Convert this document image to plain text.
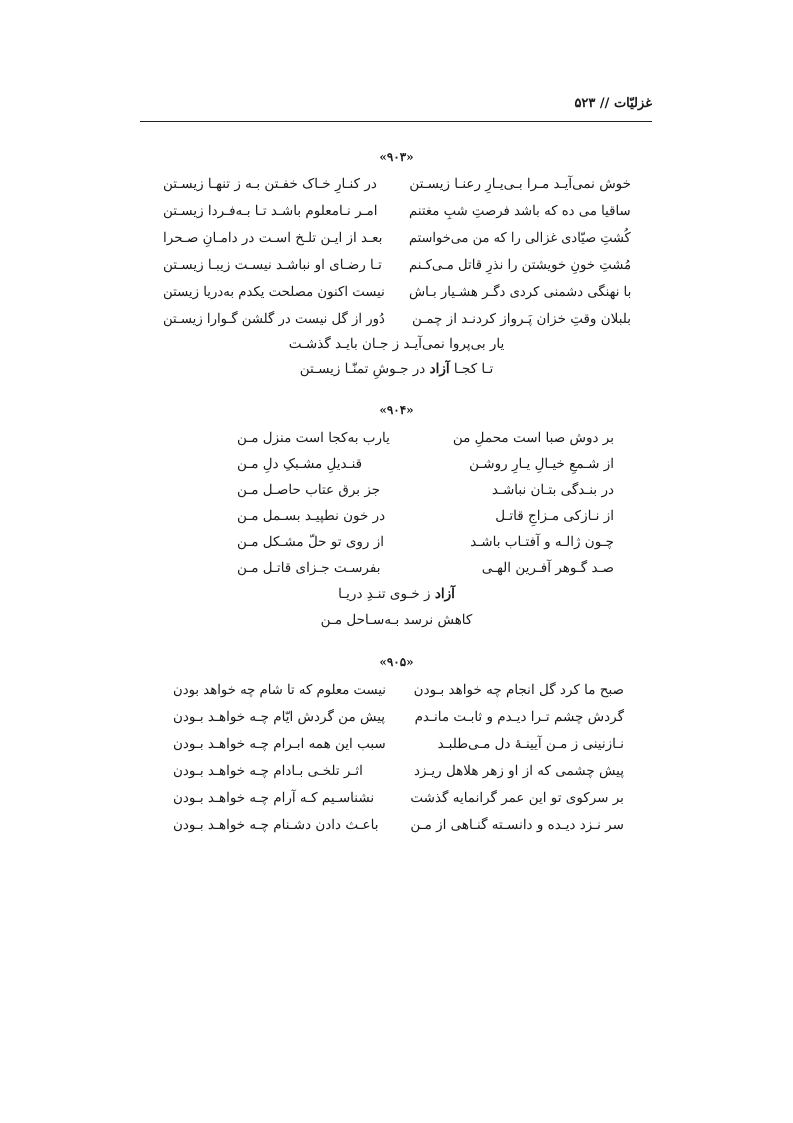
غزلیّات // ۵۲۳
«۹۰۳»
خوش نمی‌آیـد مـرا بـی‌یـارِ رعنـا زیسـتن
در کنـارِ خـاک خفـتن بـه ز تنهـا زیسـتن
ساقیا می ده که باشد فرصتِ شبِ مغتنم
امـر نـامعلوم باشـد تـا بـه‌فـردا زیسـتن
کُشتِ صیّادی غزالی را که من می‌خواستم
بعـد از ایـن تلـخ اسـت در دامـانِ صـحرا
مُشتِ خونِ خویشتن را نذرِ قاتل مـی‌کـنم
تـا رضـای او نباشـد نیسـت زیبـا زیسـتن
با نهنگی دشمنی کردی دگـر هشـیار بـاش
نیست اکنون مصلحت یکدم به‌دریا زیستن
بلبلان وقتِ خزان پَـرواز کردنـد از چمـن
دُور از گل نیست در گلشن گـوارا زیسـتن
یار بی‌پروا نمی‌آیـد ز جـان بایـد گذشـت
تـا کجـا آزاد در جـوشِ تمنّـا زیسـتن
«۹۰۴»
بر دوش صبا است محملِ من
یارب به‌کجا است منزل مـن
از شـمعِ خیـالِ یـارِ روشـن
قنـدیلِ مشـبکِ دلِ مـن
در بنـدگی بتـان نباشـد
جز برق عتاب حاصـل مـن
از نـازکی مـزاجِ قاتـل
در خون نطپیـد بسـمل مـن
چـون ژالـه و آفتـاب باشـد
از روی تو حلّ مشـکل مـن
صـد گـوهر آفـرین الهـی
بفرسـت جـزای قاتـل مـن
آزاد ز خـوی تنـدِ دریـا
کاهش نرسد بـه‌سـاحل مـن
«۹۰۵»
صبح ما کرد گل انجام چه خواهد بـودن
نیست معلوم که تا شام چه خواهد بودن
گردش چشم تـرا دیـدم و ثابـت مانـدم
پیش من گردش ایّام چـه خواهـد بـودن
نـازنینی ز مـن آیینـهٔ دل مـی‌طلبـد
سبب این همه ابـرام چـه خواهـد بـودن
پیش چشمی که از او زهر هلاهل ریـزد
اثـر تلخـی بـادام چـه خواهـد بـودن
بر سرکوی تو این عمر گرانمایه گذشت
نشناسـیم کـه آرام چـه خواهـد بـودن
سر نـزد دیـده و دانسـته گنـاهی از مـن
باعـث دادن دشـنام چـه خواهـد بـودن
